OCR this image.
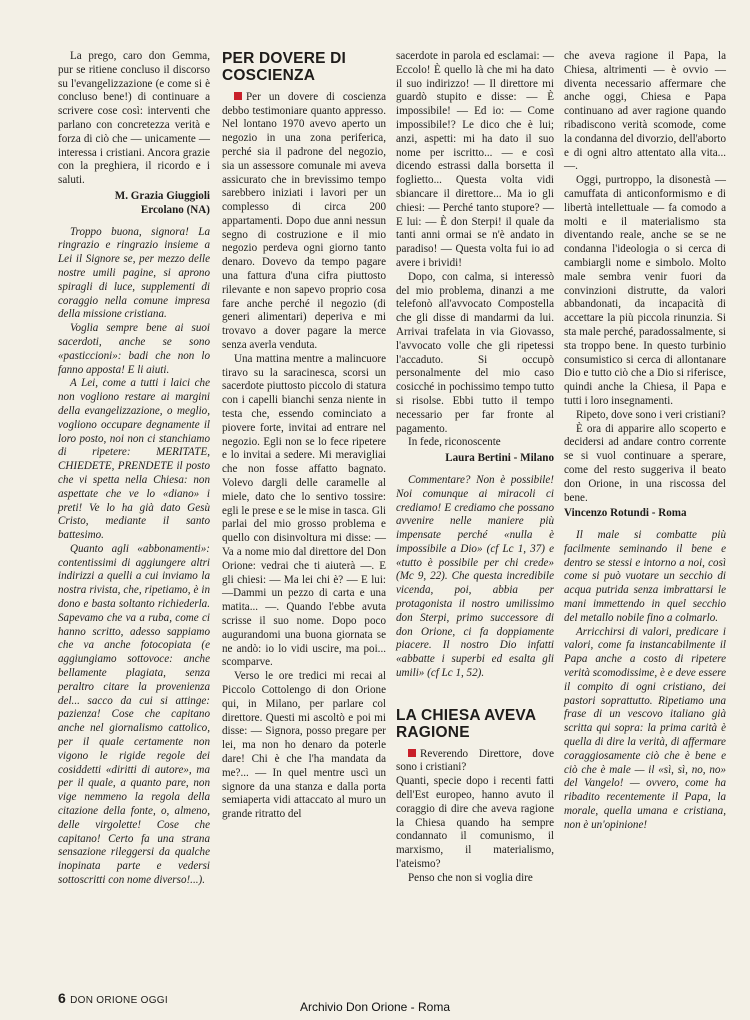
La prego, caro don Gemma, pur se ritiene concluso il discorso su l'evangelizzazione (e come si è concluso bene!) di continuare a scrivere cose così: interventi che parlano con concretezza verità e forza di ciò che — unicamente — interessa i cristiani. Ancora grazie con la preghiera, il ricordo e i saluti.

M. Grazia Giuggioli

Ercolano (NA)

Troppo buona, signora! La ringrazio e ringrazio insieme a Lei il Signore se, per mezzo delle nostre umili pagine, si aprono spiragli di luce, supplementi di coraggio nella comune impresa della missione cristiana.

Voglia sempre bene ai suoi sacerdoti, anche se sono «pasticcioni»: badi che non lo fanno apposta! E li aiuti.

A Lei, come a tutti i laici che non vogliono restare ai margini della evangelizzazione, o meglio, vogliono occupare degnamente il loro posto, noi non ci stanchiamo di ripetere: MERITATE, CHIEDETE, PRENDETE il posto che vi spetta nella Chiesa: non aspettate che ve lo «diano» i preti! Ve lo ha già dato Gesù Cristo, mediante il santo battesimo.

Quanto agli «abbonamenti»: contentissimi di aggiungere altri indirizzi a quelli a cui inviamo la nostra rivista, che, ripetiamo, è in dono e basta soltanto richiederla. Sapevamo che va a ruba, come ci hanno scritto, adesso sappiamo che va anche fotocopiata (e aggiungiamo sottovoce: anche bellamente plagiata, senza peraltro citare la provenienza del... sacco da cui si attinge: pazienza! Cose che capitano anche nel giornalismo cattolico, per il quale certamente non vigono le rigide regole dei cosiddetti «diritti di autore», ma per il quale, a quanto pare, non vige nemmeno la regola della citazione della fonte, o, almeno, delle virgolette! Cose che capitano! Certo fa una strana sensazione rileggersi da qualche inopinata parte e vedersi sottoscritti con nome diverso!...).

PER DOVERE DI COSCIENZA

Per un dovere di coscienza debbo testimoniare quanto appresso. Nel lontano 1970 avevo aperto un negozio in una zona periferica, perché sia il padrone del negozio, sia un assessore comunale mi aveva assicurato che in brevissimo tempo sarebbero iniziati i lavori per un complesso di circa 200 appartamenti. Dopo due anni nessun segno di costruzione e il mio negozio perdeva ogni giorno tanto denaro. Dovevo da tempo pagare una fattura d'una cifra piuttosto rilevante e non sapevo proprio cosa fare anche perché il negozio (di generi alimentari) deperiva e mi trovavo a dover pagare la merce senza averla venduta.

Una mattina mentre a malincuore tiravo su la saracinesca, scorsi un sacerdote piuttosto piccolo di statura con i capelli bianchi senza niente in testa che, essendo cominciato a piovere forte, invitai ad entrare nel negozio. Egli non se lo fece ripetere e lo invitai a sedere. Mi meravigliai che non fosse affatto bagnato. Volevo dargli delle caramelle al miele, dato che lo sentivo tossire: egli le prese e se le mise in tasca. Gli parlai del mio grosso problema e quello con disinvoltura mi disse: —Va a nome mio dal direttore del Don Orione: vedrai che ti aiuterà —. E gli chiesi: — Ma lei chi è? — E lui: —Dammi un pezzo di carta e una matita... —. Quando l'ebbe avuta scrisse il suo nome. Dopo poco augurandomi una buona giornata se ne andò: io lo vidi uscire, ma poi... scomparve.

Verso le ore tredici mi recai al Piccolo Cottolengo di don Orione qui, in Milano, per parlare col direttore. Questi mi ascoltò e poi mi disse: — Signora, posso pregare per lei, ma non ho denaro da poterle dare! Chi è che l'ha mandata da me?... — In quel mentre uscì un signore da una stanza e dalla porta semiaperta vidi attaccato al muro un grande ritratto del

sacerdote in parola ed esclamai: — Eccolo! È quello là che mi ha dato il suo indirizzo! — Il direttore mi guardò stupito e disse: — È impossibile! — Ed io: — Come impossibile!? Le dico che è lui; anzi, aspetti: mi ha dato il suo nome per iscritto... — e così dicendo estrassi dalla borsetta il foglietto... Questa volta vidi sbiancare il direttore... Ma io gli chiesi: — Perché tanto stupore? — E lui: — È don Sterpi! il quale da tanti anni ormai se n'è andato in paradiso! — Questa volta fui io ad avere i brividi!

Dopo, con calma, si interessò del mio problema, dinanzi a me telefonò all'avvocato Compostella che gli disse di mandarmi da lui. Arrivai trafelata in via Giovasso, l'avvocato volle che gli ripetessi l'accaduto. Si occupò personalmente del mio caso cosicché in pochissimo tempo tutto si risolse. Ebbi tutto il tempo necessario per far fronte al pagamento.

In fede, riconoscente

Laura Bertini - Milano

Commentare? Non è possibile! Noi comunque ai miracoli ci crediamo! E crediamo che possano avvenire nelle maniere più impensate perché «nulla è impossibile a Dio» (cf Lc 1, 37) e «tutto è possibile per chi crede» (Mc 9, 22). Che questa incredibile vicenda, poi, abbia per protagonista il nostro umilissimo don Sterpi, primo successore di don Orione, ci fa doppiamente piacere. Il nostro Dio infatti «abbatte i superbi ed esalta gli umili» (cf Lc 1, 52).

LA CHIESA AVEVA RAGIONE

Reverendo Direttore, dove sono i cristiani?

Quanti, specie dopo i recenti fatti dell'Est europeo, hanno avuto il coraggio di dire che aveva ragione la Chiesa quando ha sempre condannato il comunismo, il marxismo, il materialismo, l'ateismo?

Penso che non si voglia dire

che aveva ragione il Papa, la Chiesa, altrimenti — è ovvio — diventa necessario affermare che anche oggi, Chiesa e Papa continuano ad aver ragione quando ribadiscono verità scomode, come la condanna del divorzio, dell'aborto e di ogni altro attentato alla vita...—.

Oggi, purtroppo, la disonestà — camuffata di anticonformismo e di libertà intellettuale — fa comodo a molti e il materialismo sta diventando reale, anche se se ne condanna l'ideologia o si cerca di cambiargli nome e simbolo. Molto male sembra venir fuori da convinzioni distrutte, da valori abbandonati, da incapacità di accettare la più piccola rinunzia. Si sta male perché, paradossalmente, si sta troppo bene. In questo turbinio consumistico si cerca di allontanare Dio e tutto ciò che a Dio si riferisce, quindi anche la Chiesa, il Papa e tutti i loro insegnamenti.

Ripeto, dove sono i veri cristiani?

È ora di apparire allo scoperto e decidersi ad andare contro corrente se si vuol continuare a sperare, come del resto suggeriva il beato don Orione, in una riscossa del bene.

Vincenzo Rotundi - Roma

Il male si combatte più facilmente seminando il bene e dentro se stessi e intorno a noi, così come si può vuotare un secchio di acqua putrida senza imbrattarsi le mani immettendo in quel secchio del metallo nobile fino a colmarlo.

Arricchirsi di valori, predicare i valori, come fa instancabilmente il Papa anche a costo di ripetere verità scomodissime, è e deve essere il compito di ogni cristiano, dei pastori soprattutto. Ripetiamo una frase di un vescovo italiano già scritta qui sopra: la prima carità è quella di dire la verità, di affermare coraggiosamente ciò che è bene e ciò che è male — il «sì, sì, no, no» del Vangelo! — ovvero, come ha ribadito recentemente il Papa, la morale, quella umana e cristiana, non è un'opinione!

6 DON ORIONE OGGI	Archivio Don Orione - Roma
